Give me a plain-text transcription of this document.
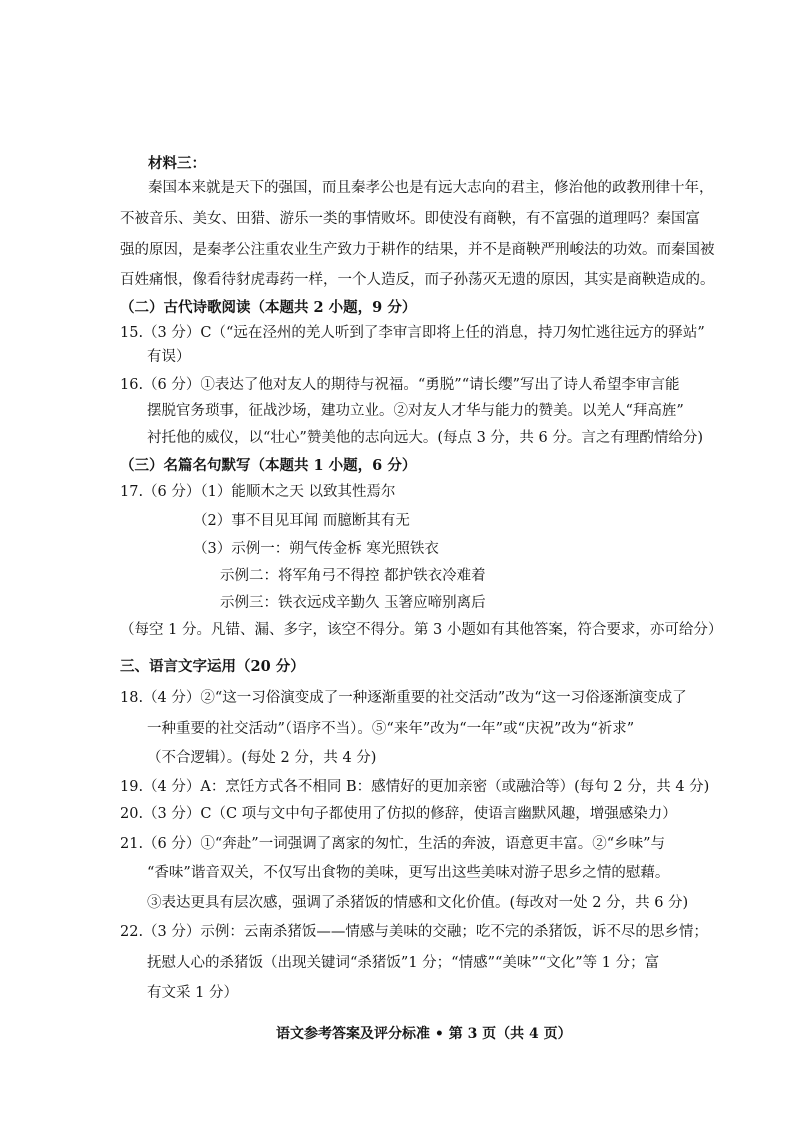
材料三：
秦国本来就是天下的强国，而且秦孝公也是有远大志向的君主，修治他的政教刑律十年，
不被音乐、美女、田猎、游乐一类的事情败坏。即使没有商鞅，有不富强的道理吗？秦国富
强的原因，是秦孝公注重农业生产致力于耕作的结果，并不是商鞅严刑峻法的功效。而秦国被
百姓痛恨，像看待豺虎毒药一样，一个人造反，而子孙荡灭无遗的原因，其实是商鞅造成的。
（二）古代诗歌阅读（本题共 2 小题，9 分）
15.（3 分）C（“远在泾州的羌人听到了李审言即将上任的消息，持刀匆忙逃往远方的驿站”
有误）
16.（6 分）①表达了他对友人的期待与祝福。“勇脱”“请长缨”写出了诗人希望李审言能
摆脱官务琐事，征战沙场，建功立业。②对友人才华与能力的赞美。以羌人“拜高旌”
衬托他的威仪，以“壮心”赞美他的志向远大。(每点 3 分，共 6 分。言之有理酌情给分)
（三）名篇名句默写（本题共 1 小题，6 分）
17.（6 分）（1）能顺木之天 以致其性焉尔
（2）事不目见耳闻 而臆断其有无
（3）示例一：朔气传金柝 寒光照铁衣
示例二：将军角弓不得控 都护铁衣冷难着
示例三：铁衣远戍辛勤久 玉箸应啼别离后
（每空 1 分。凡错、漏、多字，该空不得分。第 3 小题如有其他答案，符合要求，亦可给分）
三、语言文字运用（20 分）
18.（4 分）②“这一习俗演变成了一种逐渐重要的社交活动”改为“这一习俗逐渐演变成了
一种重要的社交活动”（语序不当）。⑤“来年”改为“一年”或“庆祝”改为“祈求”
（不合逻辑）。(每处 2 分，共 4 分)
19.（4 分）A：烹饪方式各不相同 B：感情好的更加亲密（或融洽等）(每句 2 分，共 4 分)
20.（3 分）C（C 项与文中句子都使用了仿拟的修辞，使语言幽默风趣，增强感染力）
21.（6 分）①“奔赴”一词强调了离家的匆忙，生活的奔波，语意更丰富。②“乡味”与
“香味”谐音双关，不仅写出食物的美味，更写出这些美味对游子思乡之情的慰藉。
③表达更具有层次感，强调了杀猪饭的情感和文化价值。(每改对一处 2 分，共 6 分)
22.（3 分）示例：云南杀猪饭——情感与美味的交融；吃不完的杀猪饭，诉不尽的思乡情；
抚慰人心的杀猪饭（出现关键词“杀猪饭”1 分；“情感”“美味”“文化”等 1 分；富
有文采 1 分）
语文参考答案及评分标准 • 第 3 页（共 4 页）
